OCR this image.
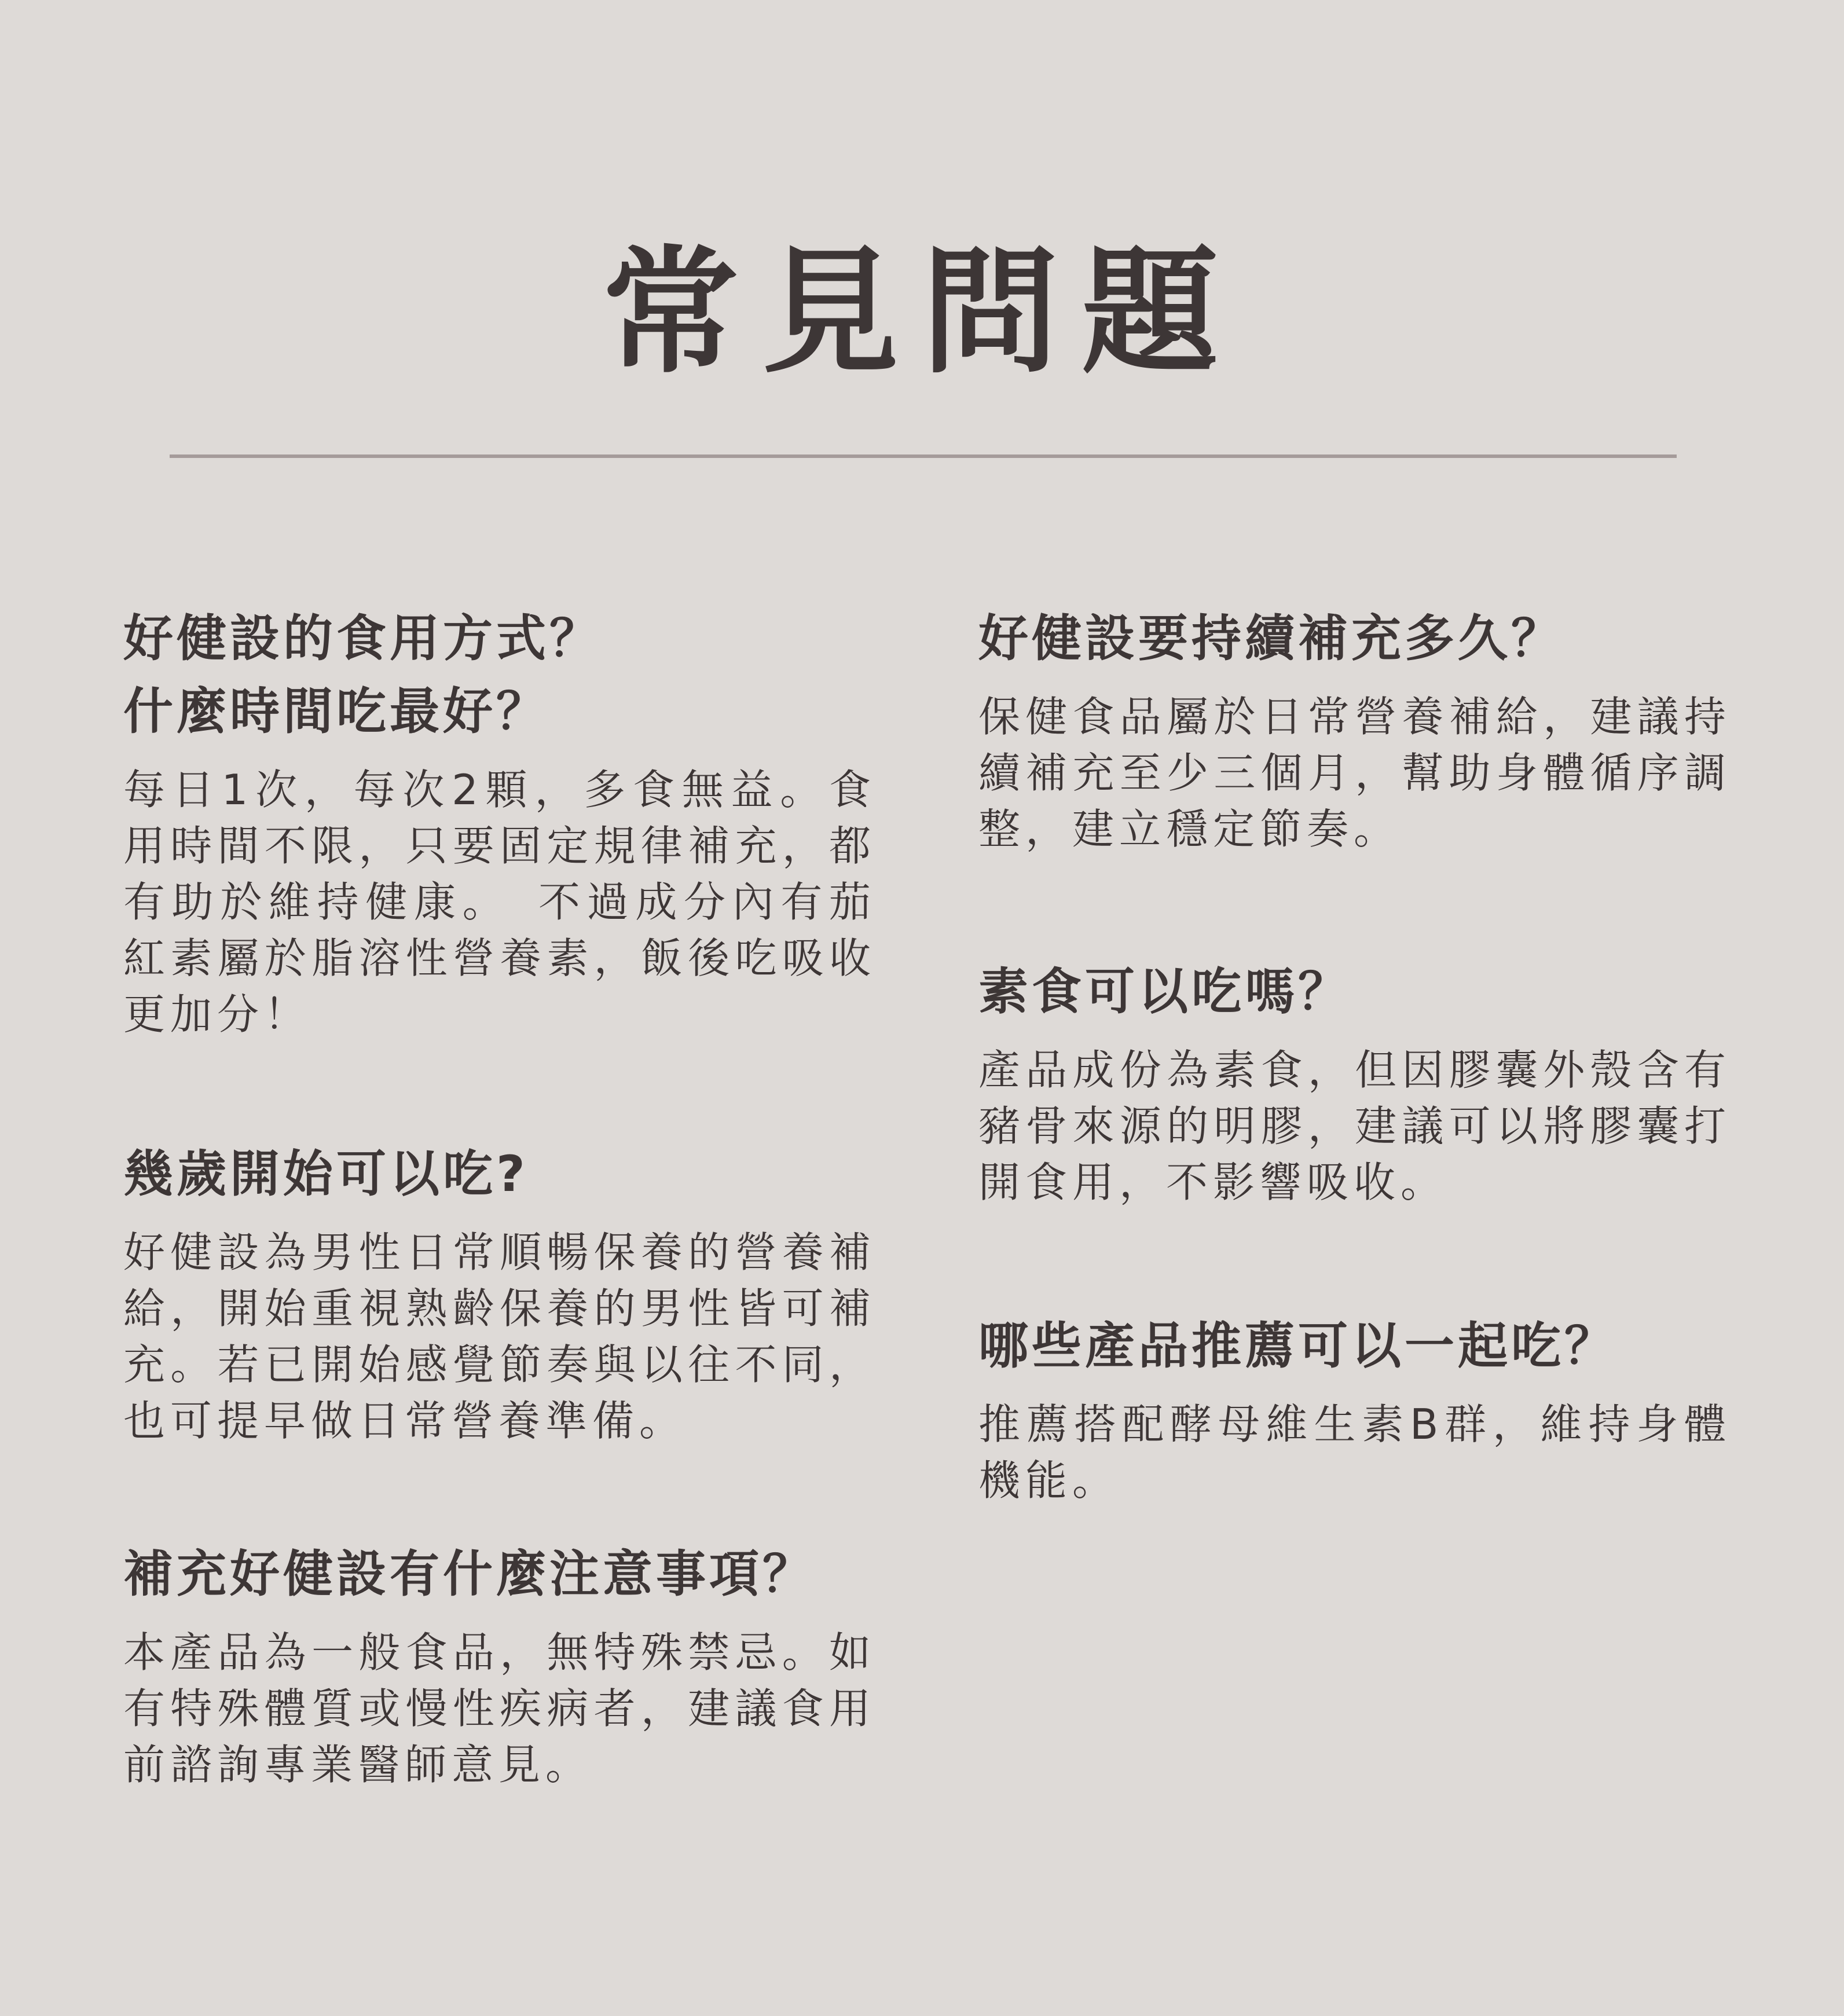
常見問題
好健設的食用方式？
什麼時間吃最好？

每日1次，每次2顆，多食無益。食用時間不限，只要固定規律補充，都有助於維持健康。　不過成分內有茄紅素屬於脂溶性營養素，飯後吃吸收更加分！

幾歲開始可以吃?

好健設為男性日常順暢保養的營養補給，開始重視熟齡保養的男性皆可補充。若已開始感覺節奏與以往不同，也可提早做日常營養準備。

補充好健設有什麼注意事項？

本產品為一般食品，無特殊禁忌。如有特殊體質或慢性疾病者，建議食用前諮詢專業醫師意見。

好健設要持續補充多久？

保健食品屬於日常營養補給，建議持續補充至少三個月，幫助身體循序調整，建立穩定節奏。

素食可以吃嗎？

產品成份為素食，但因膠囊外殼含有豬骨來源的明膠，建議可以將膠囊打開食用，不影響吸收。

哪些產品推薦可以一起吃？

推薦搭配酵母維生素B群，維持身體機能。
